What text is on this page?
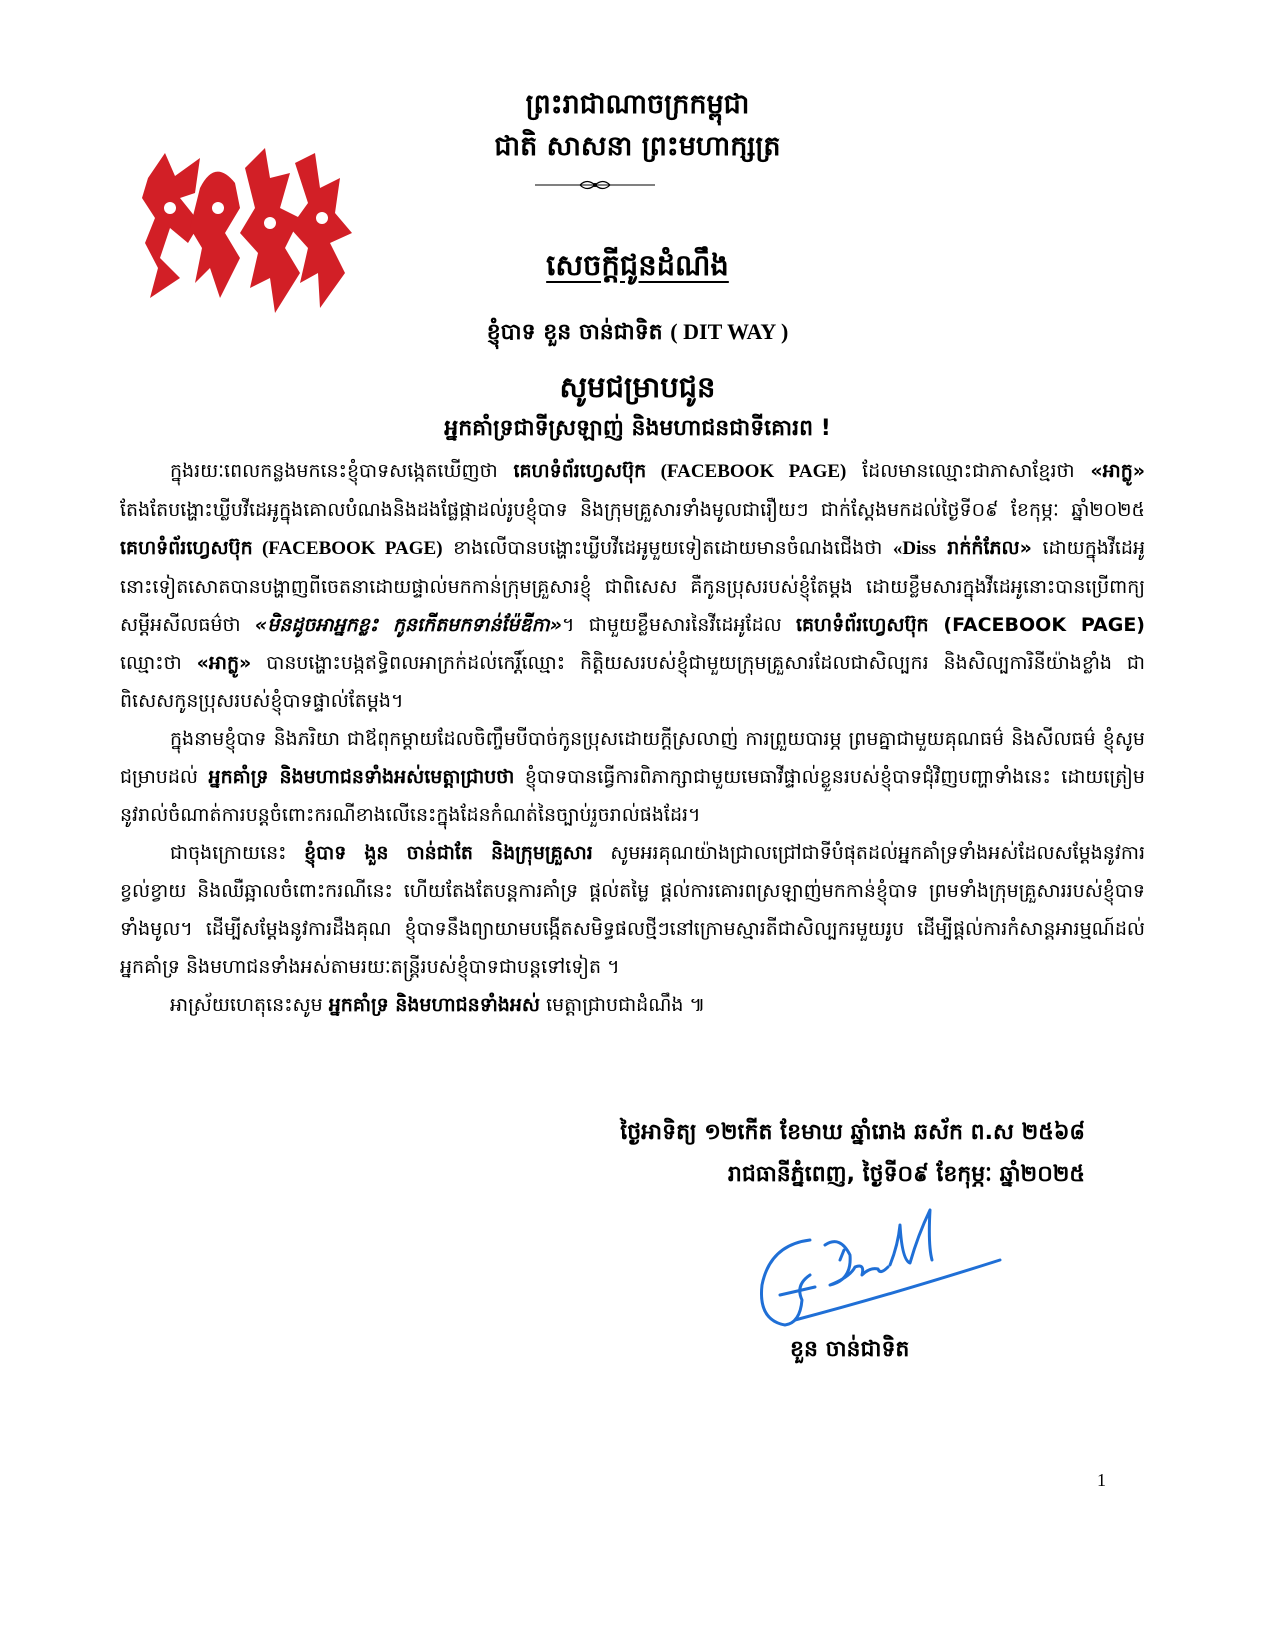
ព្រះរាជាណាចក្រកម្ពុជា
ជាតិ សាសនា ព្រះមហាក្សត្រ
សេចក្តីជូនដំណឹង
ខ្ញុំបាទ ខួន ចាន់ជាទិត ( DIT WAY )
សូមជម្រាបជូន
អ្នកគាំទ្រជាទីស្រឡាញ់ និងមហាជនជាទីគោរព !

ក្នុងរយៈពេលកន្លងមកនេះខ្ញុំបាទសង្កេតឃើញថា គេហទំព័រហ្វេសប៊ុក (FACEBOOK PAGE) ដែលមានឈ្មោះជាភាសាខ្មែរថា «អាក្លូ» តែងតែបង្ហោះឃ្លីបវីដេអូក្នុងគោលបំណងនិងដងផ្លែផ្កាដល់រូបខ្ញុំបាទ និងក្រុមគ្រួសារទាំងមូលជារឿយៗ ជាក់ស្តែងមកដល់ថ្ងៃទី០៩ ខែកុម្ភៈ ឆ្នាំ២០២៥ គេហទំព័រហ្វេសប៊ុក (FACEBOOK PAGE) ខាងលើបានបង្ហោះឃ្លីបវីដេអូមួយទៀតដោយមានចំណងជើងថា «Diss រាក់កំភែល» ដោយក្នុងវីដេអូនោះទៀតសោតបានបង្ហាញពីចេតនាដោយផ្ទាល់មកកាន់ក្រុមគ្រួសារខ្ញុំ ជាពិសេស គឺកូនប្រុសរបស់ខ្ញុំតែម្តង ដោយខ្លឹមសារក្នុងវីដេអូនោះបានប្រើពាក្យសម្តីអសីលធម៌ថា «មិនដូចអាអ្នកខ្លះ កូនកើតមកទាន់ម៉ែឌីកា»។ ជាមួយខ្លឹមសារនៃវីដេអូដែល គេហទំព័រហ្វេសប៊ុក (FACEBOOK PAGE) ឈ្មោះថា «អាក្លូ» បានបង្ហោះបង្កឥទ្ធិពលអាក្រក់ដល់កេរ្តិ៍ឈ្មោះ កិត្តិយសរបស់ខ្ញុំជាមួយក្រុមគ្រួសារដែលជាសិល្បករ និងសិល្បការិនីយ៉ាងខ្លាំង ជាពិសេសកូនប្រុសរបស់ខ្ញុំបាទផ្ទាល់តែម្តង។

ក្នុងនាមខ្ញុំបាទ និងភរិយា ជាឪពុកម្តាយដែលចិញ្ចឹមបីបាច់កូនប្រុសដោយក្តីស្រលាញ់ ការព្រួយបារម្ភ ព្រមគ្នាជាមួយគុណធម៌ និងសីលធម៌ ខ្ញុំសូមជម្រាបដល់ អ្នកគាំទ្រ និងមហាជនទាំងអស់មេត្តាជ្រាបថា ខ្ញុំបាទបានធ្វើការពិភាក្សាជាមួយមេធាវីផ្ទាល់ខ្លួនរបស់ខ្ញុំបាទជុំវិញបញ្ហាទាំងនេះ ដោយត្រៀមនូវរាល់ចំណាត់ការបន្តចំពោះករណីខាងលើនេះក្នុងដែនកំណត់នៃច្បាប់រួចរាល់ផងដែរ។

ជាចុងក្រោយនេះ ខ្ញុំបាទ ងួន ចាន់ជាតែ និងក្រុមគ្រួសារ សូមអរគុណយ៉ាងជ្រាលជ្រៅជាទីបំផុតដល់អ្នកគាំទ្រទាំងអស់ដែលសម្តែងនូវការខ្វល់ខ្វាយ និងឈឺឆ្អាលចំពោះករណីនេះ ហើយតែងតែបន្តការគាំទ្រ ផ្តល់តម្លៃ ផ្តល់ការគោរពស្រឡាញ់មកកាន់ខ្ញុំបាទ ព្រមទាំងក្រុមគ្រួសាររបស់ខ្ញុំបាទទាំងមូល។ ដើម្បីសម្តែងនូវការដឹងគុណ ខ្ញុំបាទនឹងព្យាយាមបង្កើតសមិទ្ធផលថ្មីៗនៅក្រោមស្មារតីជាសិល្បករមួយរូប ដើម្បីផ្តល់ការកំសាន្តអារម្មណ៍ដល់អ្នកគាំទ្រ និងមហាជនទាំងអស់តាមរយៈតន្ត្រីរបស់ខ្ញុំបាទជាបន្តទៅទៀត ។

អាស្រ័យហេតុនេះសូម អ្នកគាំទ្រ និងមហាជនទាំងអស់ មេត្តាជ្រាបជាដំណឹង ៕

ថ្ងៃអាទិត្យ ១២កើត ខែមាឃ ឆ្នាំរោង ឆស័ក ព.ស ២៥៦៨
រាជធានីភ្នំពេញ, ថ្ងៃទី០៩ ខែកុម្ភៈ ឆ្នាំ២០២៥
ខួន ចាន់ជាទិត
1
